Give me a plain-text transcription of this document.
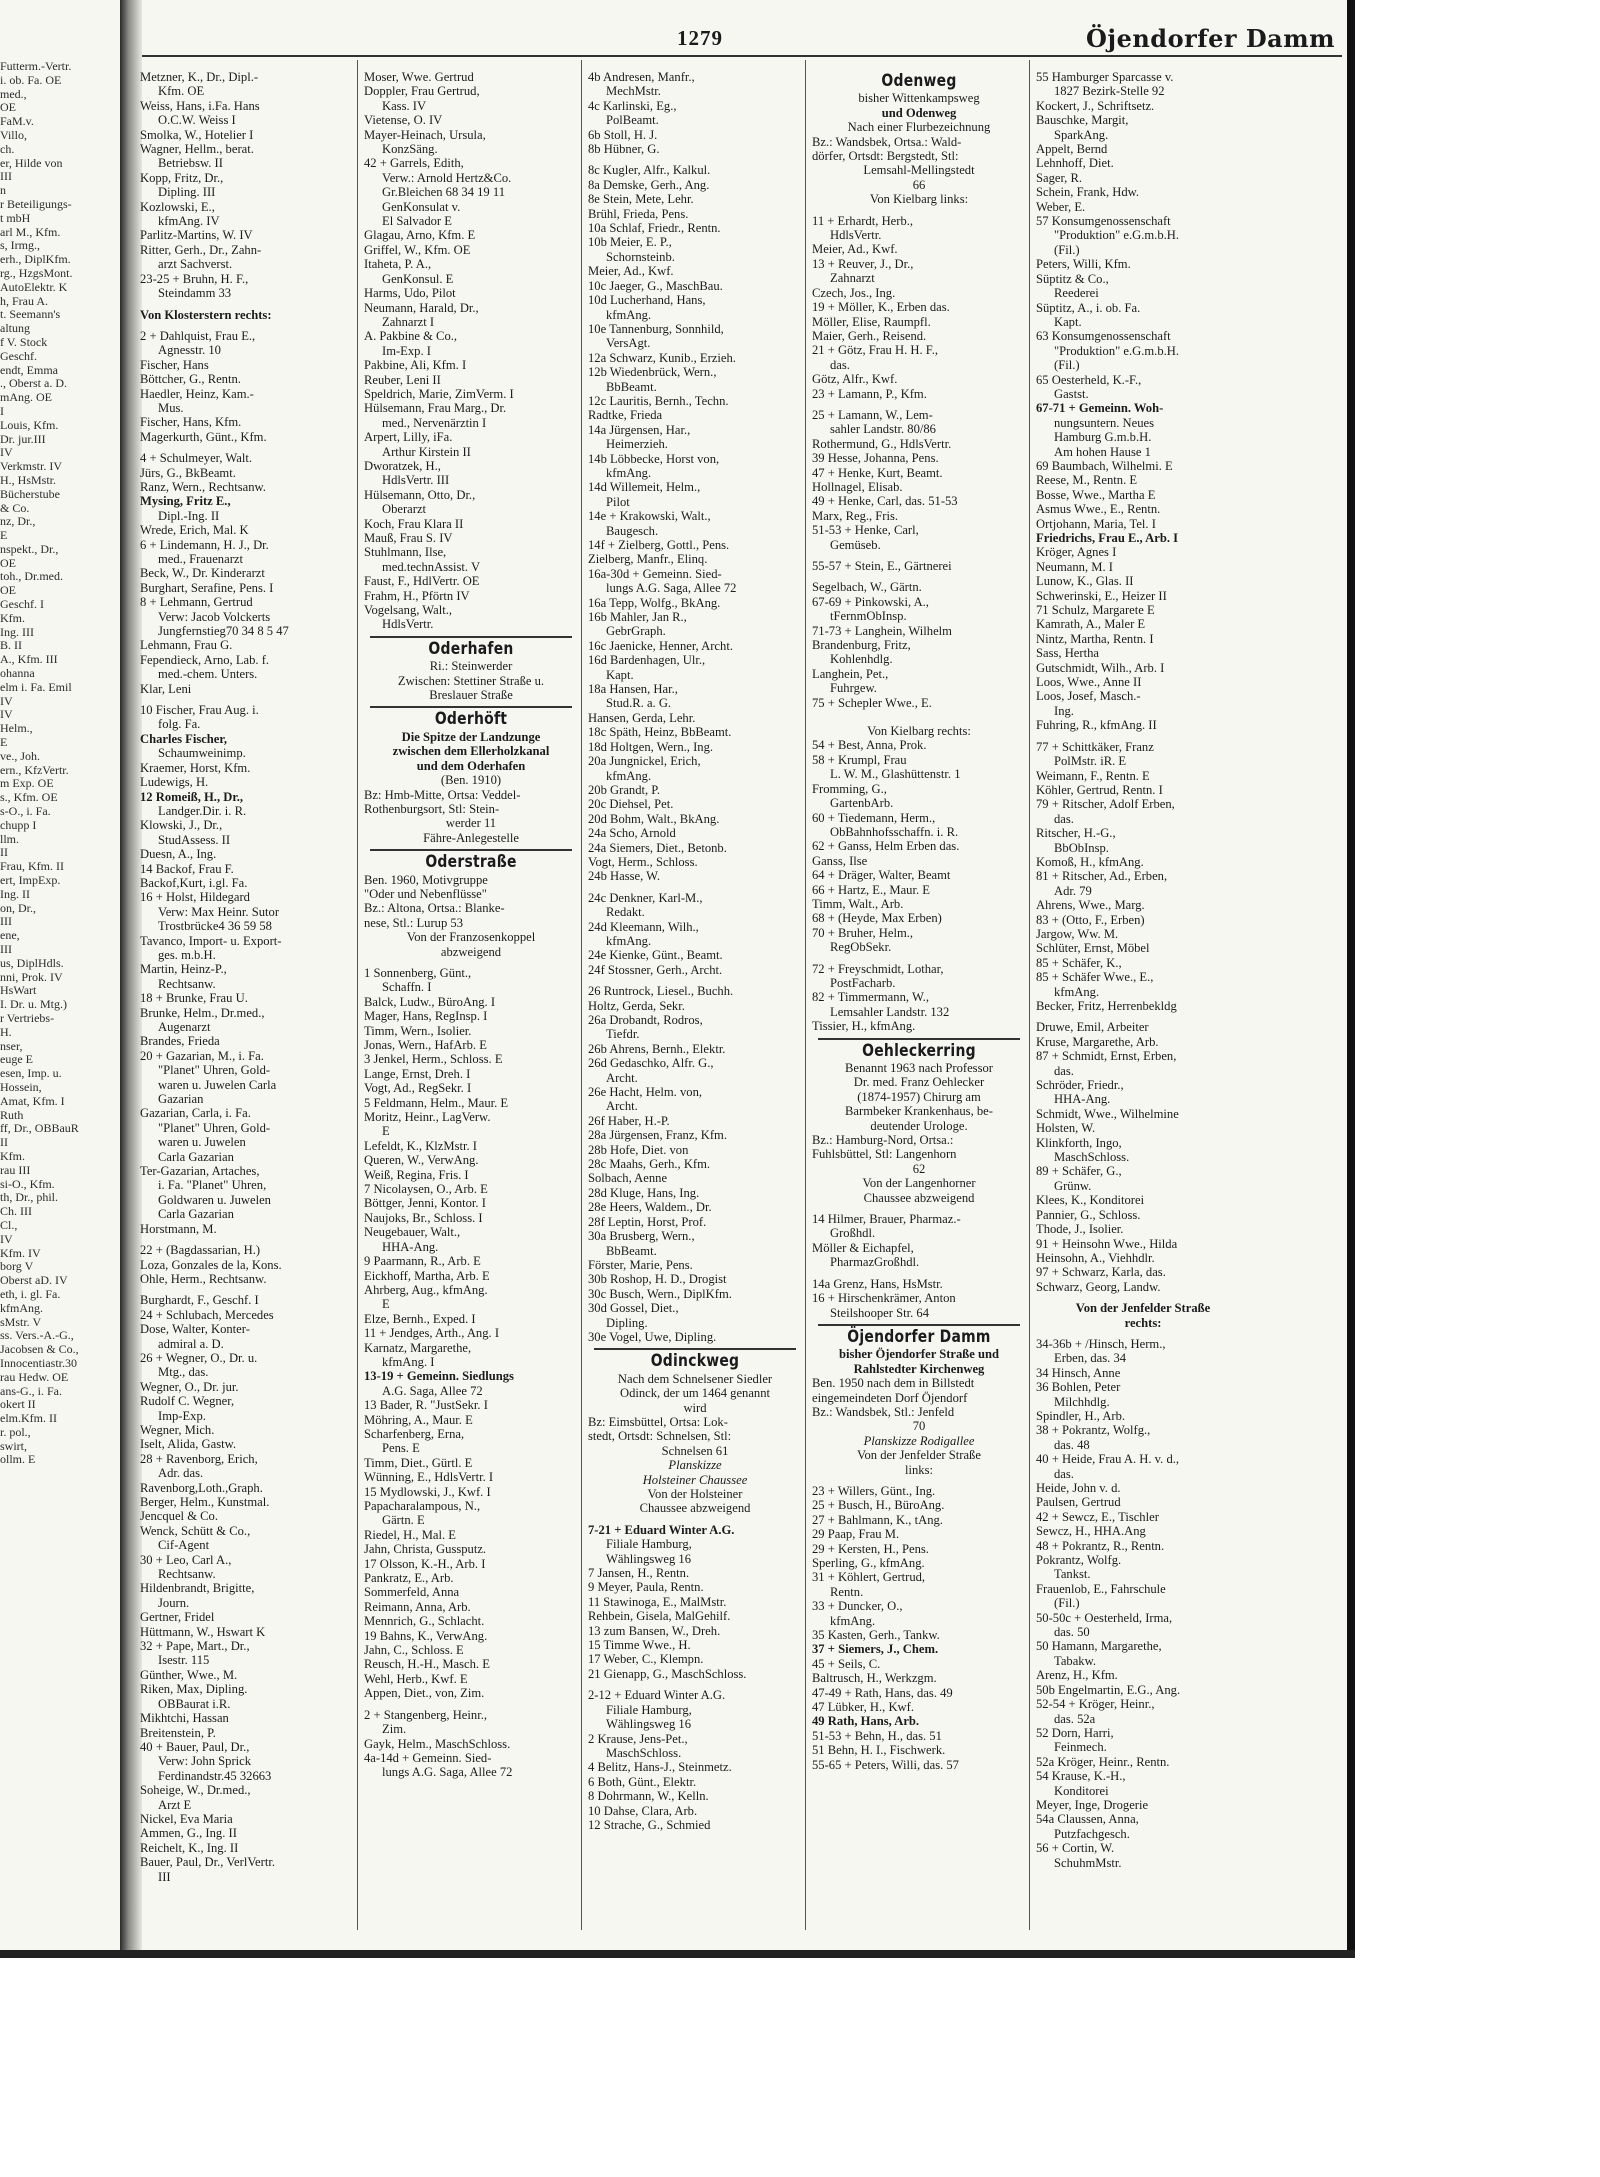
Futterm.-Vertr.
i. ob. Fa. OE
med.,
OE
FaM.v.
Villo,
ch.
er, Hilde von
III
n
r Beteiligungs-
t mbH
arl M., Kfm.
s, Irmg.,
erh., DiplKfm.
rg., HzgsMont.
AutoElektr. K
h, Frau A.
t. Seemann's
altung
f V. Stock
Geschf.
endt, Emma
., Oberst a. D.
mAng. OE
I
Louis, Kfm.
Dr. jur.III
IV
Verkmstr. IV
H., HsMstr.
Bücherstube
& Co.
nz, Dr.,
E
nspekt., Dr.,
OE
toh., Dr.med.
OE
Geschf. I
Kfm.
Ing. III
B. II
A., Kfm. III
ohanna
elm i. Fa. Emil
IV
IV
Helm.,
E
ve., Joh.
ern., KfzVertr.
m Exp. OE
s., Kfm. OE
s-O., i. Fa.
chupp I
llm.
II
Frau, Kfm. II
ert, ImpExp.
Ing. II
on, Dr.,
III
ene,
III
us, DiplHdls.
nni, Prok. IV
HsWart
I. Dr. u. Mtg.)
r Vertriebs-
H.
nser,
euge E
esen, Imp. u.
Hossein,
Amat, Kfm. I
Ruth
ff, Dr., OBBauR
II
Kfm.
rau III
si-O., Kfm.
th, Dr., phil.
Ch. III
Cl.,
IV
Kfm. IV
borg V
Oberst aD. IV
eth, i. gl. Fa.
kfmAng.
sMstr. V
ss. Vers.-A.-G.,
Jacobsen & Co.,
Innocentiastr.30
rau Hedw. OE
ans-G., i. Fa.
okert II
elm.Kfm. II
r. pol.,
swirt,
ollm. E
1279	Öjendorfer Damm
Metzner, K., Dr., Dipl.-
Kfm. OE
Weiss, Hans, i.Fa. Hans
O.C.W. Weiss I
Smolka, W., Hotelier I
Wagner, Hellm., berat.
Betriebsw. II
Kopp, Fritz, Dr.,
Dipling. III
Kozlowski, E.,
kfmAng. IV
Parlitz-Martins, W. IV
Ritter, Gerh., Dr., Zahn-
arzt Sachverst.
23-25 + Bruhn, H. F.,
Steindamm 33
Von Klosterstern rechts:
2 + Dahlquist, Frau E.,
Agnesstr. 10
Fischer, Hans
Böttcher, G., Rentn.
Haedler, Heinz, Kam.-
Mus.
Fischer, Hans, Kfm.
Magerkurth, Günt., Kfm.
4 + Schulmeyer, Walt.
Jürs, G., BkBeamt.
Ranz, Wern., Rechtsanw.
Mysing, Fritz E.,
Dipl.-Ing. II
Wrede, Erich, Mal. K
6 + Lindemann, H. J., Dr.
med., Frauenarzt
Beck, W., Dr. Kinderarzt
Burghart, Serafine, Pens. I
8 + Lehmann, Gertrud
Verw: Jacob Volckerts
Jungfernstieg70 34 8 5 47
Lehmann, Frau G.
Fependieck, Arno, Lab. f.
med.-chem. Unters.
Klar, Leni
10 Fischer, Frau Aug. i.
folg. Fa.
Charles Fischer,
Schaumweinimp.
Kraemer, Horst, Kfm.
Ludewigs, H.
12 Romeiß, H., Dr.,
Landger.Dir. i. R.
Klowski, J., Dr.,
StudAssess. II
Duesn, A., Ing.
14 Backof, Frau F.
Backof,Kurt, i.gl. Fa.
16 + Holst, Hildegard
Verw: Max Heinr. Sutor
Trostbrücke4 36 59 58
Tavanco, Import- u. Export-
ges. m.b.H.
Martin, Heinz-P.,
Rechtsanw.
18 + Brunke, Frau U.
Brunke, Helm., Dr.med.,
Augenarzt
Brandes, Frieda
20 + Gazarian, M., i. Fa.
"Planet" Uhren, Gold-
waren u. Juwelen Carla
Gazarian
Gazarian, Carla, i. Fa.
"Planet" Uhren, Gold-
waren u. Juwelen
Carla Gazarian
Ter-Gazarian, Artaches,
i. Fa. "Planet" Uhren,
Goldwaren u. Juwelen
Carla Gazarian
Horstmann, M.
22 + (Bagdassarian, H.)
Loza, Gonzales de la, Kons.
Ohle, Herm., Rechtsanw.
Burghardt, F., Geschf. I
24 + Schlubach, Mercedes
Dose, Walter, Konter-
admiral a. D.
26 + Wegner, O., Dr. u.
Mtg., das.
Wegner, O., Dr. jur.
Rudolf C. Wegner,
Imp-Exp.
Wegner, Mich.
Iselt, Alida, Gastw.
28 + Ravenborg, Erich,
Adr. das.
Ravenborg,Loth.,Graph.
Berger, Helm., Kunstmal.
Jencquel & Co.
Wenck, Schütt & Co.,
Cif-Agent
30 + Leo, Carl A.,
Rechtsanw.
Hildenbrandt, Brigitte,
Journ.
Gertner, Fridel
Hüttmann, W., Hswart K
32 + Pape, Mart., Dr.,
Isestr. 115
Günther, Wwe., M.
Riken, Max, Dipling.
OBBaurat i.R.
Mikhtchi, Hassan
Breitenstein, P.
40 + Bauer, Paul, Dr.,
Verw: John Sprick
Ferdinandstr.45 32663
Soheige, W., Dr.med.,
Arzt E
Nickel, Eva Maria
Ammen, G., Ing. II
Reichelt, K., Ing. II
Bauer, Paul, Dr., VerlVertr.
III
Moser, Wwe. Gertrud
Doppler, Frau Gertrud,
Kass. IV
Vietense, O. IV
Mayer-Heinach, Ursula,
KonzSäng.
42 + Garrels, Edith,
Verw.: Arnold Hertz&Co.
Gr.Bleichen 68 34 19 11
GenKonsulat v.
El Salvador E
Glagau, Arno, Kfm. E
Griffel, W., Kfm. OE
Itaheta, P. A.,
GenKonsul. E
Harms, Udo, Pilot
Neumann, Harald, Dr.,
Zahnarzt I
A. Pakbine & Co.,
Im-Exp. I
Pakbine, Ali, Kfm. I
Reuber, Leni II
Speldrich, Marie, ZimVerm. I
Hülsemann, Frau Marg., Dr.
med., Nervenärztin I
Arpert, Lilly, iFa.
Arthur Kirstein II
Dworatzek, H.,
HdlsVertr. III
Hülsemann, Otto, Dr.,
Oberarzt
Koch, Frau Klara II
Mauß, Frau S. IV
Stuhlmann, Ilse,
med.technAssist. V
Faust, F., HdlVertr. OE
Frahm, H., Pförtn IV
Vogelsang, Walt.,
HdlsVertr.
Oderhafen
Ri.: Steinwerder
Zwischen: Stettiner Straße u.
Breslauer Straße
Oderhöft
Die Spitze der Landzunge
zwischen dem Ellerholzkanal
und dem Oderhafen
(Ben. 1910)
Bz: Hmb-Mitte, Ortsa: Veddel-
Rothenburgsort, Stl: Stein-
werder 11
Fähre-Anlegestelle
Oderstraße
Ben. 1960, Motivgruppe
"Oder und Nebenflüsse"
Bz.: Altona, Ortsa.: Blanke-
nese, Stl.: Lurup 53
Von der Franzosenkoppel
abzweigend
1 Sonnenberg, Günt.,
Schaffn. I
Balck, Ludw., BüroAng. I
Mager, Hans, RegInsp. I
Timm, Wern., Isolier.
Jonas, Wern., HafArb. E
3 Jenkel, Herm., Schloss. E
Lange, Ernst, Dreh. I
Vogt, Ad., RegSekr. I
5 Feldmann, Helm., Maur. E
Moritz, Heinr., LagVerw.
E
Lefeldt, K., KlzMstr. I
Queren, W., VerwAng.
Weiß, Regina, Fris. I
7 Nicolaysen, O., Arb. E
Böttger, Jenni, Kontor. I
Naujoks, Br., Schloss. I
Neugebauer, Walt.,
HHA-Ang.
9 Paarmann, R., Arb. E
Eickhoff, Martha, Arb. E
Ahrberg, Aug., kfmAng.
E
Elze, Bernh., Exped. I
11 + Jendges, Arth., Ang. I
Karnatz, Margarethe,
kfmAng. I
13-19 + Gemeinn. Siedlungs
A.G. Saga, Allee 72
13 Bader, R. "JustSekr. I
Möhring, A., Maur. E
Scharfenberg, Erna,
Pens. E
Timm, Diet., Gürtl. E
Wünning, E., HdlsVertr. I
15 Mydlowski, J., Kwf. I
Papacharalampous, N.,
Gärtn. E
Riedel, H., Mal. E
Jahn, Christa, Gussputz.
17 Olsson, K.-H., Arb. I
Pankratz, E., Arb.
Sommerfeld, Anna
Reimann, Anna, Arb.
Mennrich, G., Schlacht.
19 Bahns, K., VerwAng.
Jahn, C., Schloss. E
Reusch, H.-H., Masch. E
Wehl, Herb., Kwf. E
Appen, Diet., von, Zim.
2 + Stangenberg, Heinr.,
Zim.
Gayk, Helm., MaschSchloss.
4a-14d + Gemeinn. Sied-
lungs A.G. Saga, Allee 72
4b Andresen, Manfr.,
MechMstr.
4c Karlinski, Eg.,
PolBeamt.
6b Stoll, H. J.
8b Hübner, G.
8c Kugler, Alfr., Kalkul.
8a Demske, Gerh., Ang.
8e Stein, Mete, Lehr.
Brühl, Frieda, Pens.
10a Schlaf, Friedr., Rentn.
10b Meier, E. P.,
Schornsteinb.
Meier, Ad., Kwf.
10c Jaeger, G., MaschBau.
10d Lucherhand, Hans,
kfmAng.
10e Tannenburg, Sonnhild,
VersAgt.
12a Schwarz, Kunib., Erzieh.
12b Wiedenbrück, Wern.,
BbBeamt.
12c Lauritis, Bernh., Techn.
Radtke, Frieda
14a Jürgensen, Har.,
Heimerzieh.
14b Löbbecke, Horst von,
kfmAng.
14d Willemeit, Helm.,
Pilot
14e + Krakowski, Walt.,
Baugesch.
14f + Zielberg, Gottl., Pens.
Zielberg, Manfr., Elinq.
16a-30d + Gemeinn. Sied-
lungs A.G. Saga, Allee 72
16a Tepp, Wolfg., BkAng.
16b Mahler, Jan R.,
GebrGraph.
16c Jaenicke, Henner, Archt.
16d Bardenhagen, Ulr.,
Kapt.
18a Hansen, Har.,
Stud.R. a. G.
Hansen, Gerda, Lehr.
18c Späth, Heinz, BbBeamt.
18d Holtgen, Wern., Ing.
20a Jungnickel, Erich,
kfmAng.
20b Grandt, P.
20c Diehsel, Pet.
20d Bohm, Walt., BkAng.
24a Scho, Arnold
24a Siemers, Diet., Betonb.
Vogt, Herm., Schloss.
24b Hasse, W.
24c Denkner, Karl-M.,
Redakt.
24d Kleemann, Wilh.,
kfmAng.
24e Kienke, Günt., Beamt.
24f Stossner, Gerh., Archt.
26 Runtrock, Liesel., Buchh.
Holtz, Gerda, Sekr.
26a Drobandt, Rodros,
Tiefdr.
26b Ahrens, Bernh., Elektr.
26d Gedaschko, Alfr. G.,
Archt.
26e Hacht, Helm. von,
Archt.
26f Haber, H.-P.
28a Jürgensen, Franz, Kfm.
28b Hofe, Diet. von
28c Maahs, Gerh., Kfm.
Solbach, Aenne
28d Kluge, Hans, Ing.
28e Heers, Waldem., Dr.
28f Leptin, Horst, Prof.
30a Brusberg, Wern.,
BbBeamt.
Förster, Marie, Pens.
30b Roshop, H. D., Drogist
30c Busch, Wern., DiplKfm.
30d Gossel, Diet.,
Dipling.
30e Vogel, Uwe, Dipling.
Odinckweg
Nach dem Schnelsener Siedler
Odinck, der um 1464 genannt
wird
Bz: Eimsbüttel, Ortsa: Lok-
stedt, Ortsdt: Schnelsen, Stl:
Schnelsen 61
Planskizze
Holsteiner Chaussee
Von der Holsteiner
Chaussee abzweigend
7-21 + Eduard Winter A.G.
Filiale Hamburg,
Wählingsweg 16
7 Jansen, H., Rentn.
9 Meyer, Paula, Rentn.
11 Stawinoga, E., MalMstr.
Rehbein, Gisela, MalGehilf.
13 zum Bansen, W., Dreh.
15 Timme Wwe., H.
17 Weber, C., Klempn.
21 Gienapp, G., MaschSchloss.
2-12 + Eduard Winter A.G.
Filiale Hamburg,
Wählingsweg 16
2 Krause, Jens-Pet.,
MaschSchloss.
4 Belitz, Hans-J., Steinmetz.
6 Both, Günt., Elektr.
8 Dohrmann, W., Kelln.
10 Dahse, Clara, Arb.
12 Strache, G., Schmied
Odenweg
bisher Wittenkampsweg
und Odenweg
Nach einer Flurbezeichnung
Bz.: Wandsbek, Ortsa.: Wald-
dörfer, Ortsdt: Bergstedt, Stl:
Lemsahl-Mellingstedt
66
Von Kielbarg links:
11 + Erhardt, Herb.,
HdlsVertr.
Meier, Ad., Kwf.
13 + Reuver, J., Dr.,
Zahnarzt
Czech, Jos., Ing.
19 + Möller, K., Erben das.
Möller, Elise, Raumpfl.
Maier, Gerh., Reisend.
21 + Götz, Frau H. H. F.,
das.
Götz, Alfr., Kwf.
23 + Lamann, P., Kfm.
25 + Lamann, W., Lem-
sahler Landstr. 80/86
Rothermund, G., HdlsVertr.
39 Hesse, Johanna, Pens.
47 + Henke, Kurt, Beamt.
Hollnagel, Elisab.
49 + Henke, Carl, das. 51-53
Marx, Reg., Fris.
51-53 + Henke, Carl,
Gemüseb.
55-57 + Stein, E., Gärtnerei
Segelbach, W., Gärtn.
67-69 + Pinkowski, A.,
tFernmObInsp.
71-73 + Langhein, Wilhelm
Brandenburg, Fritz,
Kohlenhdlg.
Langhein, Pet.,
Fuhrgew.
75 + Schepler Wwe., E.
Von Kielbarg rechts:
54 + Best, Anna, Prok.
58 + Krumpl, Frau
L. W. M., Glashüttenstr. 1
Fromming, G.,
GartenbArb.
60 + Tiedemann, Herm.,
ObBahnhofsschaffn. i. R.
62 + Ganss, Helm Erben das.
Ganss, Ilse
64 + Dräger, Walter, Beamt
66 + Hartz, E., Maur. E
Timm, Walt., Arb.
68 + (Heyde, Max Erben)
70 + Bruher, Helm.,
RegObSekr.
72 + Freyschmidt, Lothar,
PostFacharb.
82 + Timmermann, W.,
Lemsahler Landstr. 132
Tissier, H., kfmAng.
Oehleckerring
Benannt 1963 nach Professor
Dr. med. Franz Oehlecker
(1874-1957) Chirurg am
Barmbeker Krankenhaus, be-
deutender Urologe.
Bz.: Hamburg-Nord, Ortsa.:
Fuhlsbüttel, Stl: Langenhorn
62
Von der Langenhorner
Chaussee abzweigend
14 Hilmer, Brauer, Pharmaz.-
Großhdl.
Möller & Eichapfel,
PharmazGroßhdl.
14a Grenz, Hans, HsMstr.
16 + Hirschenkrämer, Anton
Steilshooper Str. 64
Öjendorfer Damm
bisher Öjendorfer Straße und
Rahlstedter Kirchenweg
Ben. 1950 nach dem in Billstedt
eingemeindeten Dorf Öjendorf
Bz.: Wandsbek, Stl.: Jenfeld
70
Planskizze Rodigallee
Von der Jenfelder Straße
links:
23 + Willers, Günt., Ing.
25 + Busch, H., BüroAng.
27 + Bahlmann, K., tAng.
29 Paap, Frau M.
29 + Kersten, H., Pens.
Sperling, G., kfmAng.
31 + Köhlert, Gertrud,
Rentn.
33 + Duncker, O.,
kfmAng.
35 Kasten, Gerh., Tankw.
37 + Siemers, J., Chem.
45 + Seils, C.
Baltrusch, H., Werkzgm.
47-49 + Rath, Hans, das. 49
47 Lübker, H., Kwf.
49 Rath, Hans, Arb.
51-53 + Behn, H., das. 51
51 Behn, H. I., Fischwerk.
55-65 + Peters, Willi, das. 57
55 Hamburger Sparcasse v.
1827 Bezirk-Stelle 92
Kockert, J., Schriftsetz.
Bauschke, Margit,
SparkAng.
Appelt, Bernd
Lehnhoff, Diet.
Sager, R.
Schein, Frank, Hdw.
Weber, E.
57 Konsumgenossenschaft
"Produktion" e.G.m.b.H.
(Fil.)
Peters, Willi, Kfm.
Süptitz & Co.,
Reederei
Süptitz, A., i. ob. Fa.
Kapt.
63 Konsumgenossenschaft
"Produktion" e.G.m.b.H.
(Fil.)
65 Oesterheld, K.-F.,
Gastst.
67-71 + Gemeinn. Woh-
nungsuntern. Neues
Hamburg G.m.b.H.
Am hohen Hause 1
69 Baumbach, Wilhelmi. E
Reese, M., Rentn. E
Bosse, Wwe., Martha E
Asmus Wwe., E., Rentn.
Ortjohann, Maria, Tel. I
Friedrichs, Frau E., Arb. I
Kröger, Agnes I
Neumann, M. I
Lunow, K., Glas. II
Schwerinski, E., Heizer II
71 Schulz, Margarete E
Kamrath, A., Maler E
Nintz, Martha, Rentn. I
Sass, Hertha
Gutschmidt, Wilh., Arb. I
Loos, Wwe., Anne II
Loos, Josef, Masch.-
Ing.
Fuhring, R., kfmAng. II
77 + Schittkäker, Franz
PolMstr. iR. E
Weimann, F., Rentn. E
Köhler, Gertrud, Rentn. I
79 + Ritscher, Adolf Erben,
das.
Ritscher, H.-G.,
BbObInsp.
Komoß, H., kfmAng.
81 + Ritscher, Ad., Erben,
Adr. 79
Ahrens, Wwe., Marg.
83 + (Otto, F., Erben)
Jargow, Ww. M.
Schlüter, Ernst, Möbel
85 + Schäfer, K.,
85 + Schäfer Wwe., E.,
kfmAng.
Becker, Fritz, Herrenbekldg
Druwe, Emil, Arbeiter
Kruse, Margarethe, Arb.
87 + Schmidt, Ernst, Erben,
das.
Schröder, Friedr.,
HHA-Ang.
Schmidt, Wwe., Wilhelmine
Holsten, W.
Klinkforth, Ingo,
MaschSchloss.
89 + Schäfer, G.,
Grünw.
Klees, K., Konditorei
Pannier, G., Schloss.
Thode, J., Isolier.
91 + Heinsohn Wwe., Hilda
Heinsohn, A., Viehhdlr.
97 + Schwarz, Karla, das.
Schwarz, Georg, Landw.
Von der Jenfelder Straße
rechts:
34-36b + /Hinsch, Herm.,
Erben, das. 34
34 Hinsch, Anne
36 Bohlen, Peter
Milchhdlg.
Spindler, H., Arb.
38 + Pokrantz, Wolfg.,
das. 48
40 + Heide, Frau A. H. v. d.,
das.
Heide, John v. d.
Paulsen, Gertrud
42 + Sewcz, E., Tischler
Sewcz, H., HHA.Ang
48 + Pokrantz, R., Rentn.
Pokrantz, Wolfg.
Tankst.
Frauenlob, E., Fahrschule
(Fil.)
50-50c + Oesterheld, Irma,
das. 50
50 Hamann, Margarethe,
Tabakw.
Arenz, H., Kfm.
50b Engelmartin, E.G., Ang.
52-54 + Kröger, Heinr.,
das. 52a
52 Dorn, Harri,
Feinmech.
52a Kröger, Heinr., Rentn.
54 Krause, K.-H.,
Konditorei
Meyer, Inge, Drogerie
54a Claussen, Anna,
Putzfachgesch.
56 + Cortin, W.
SchuhmMstr.
